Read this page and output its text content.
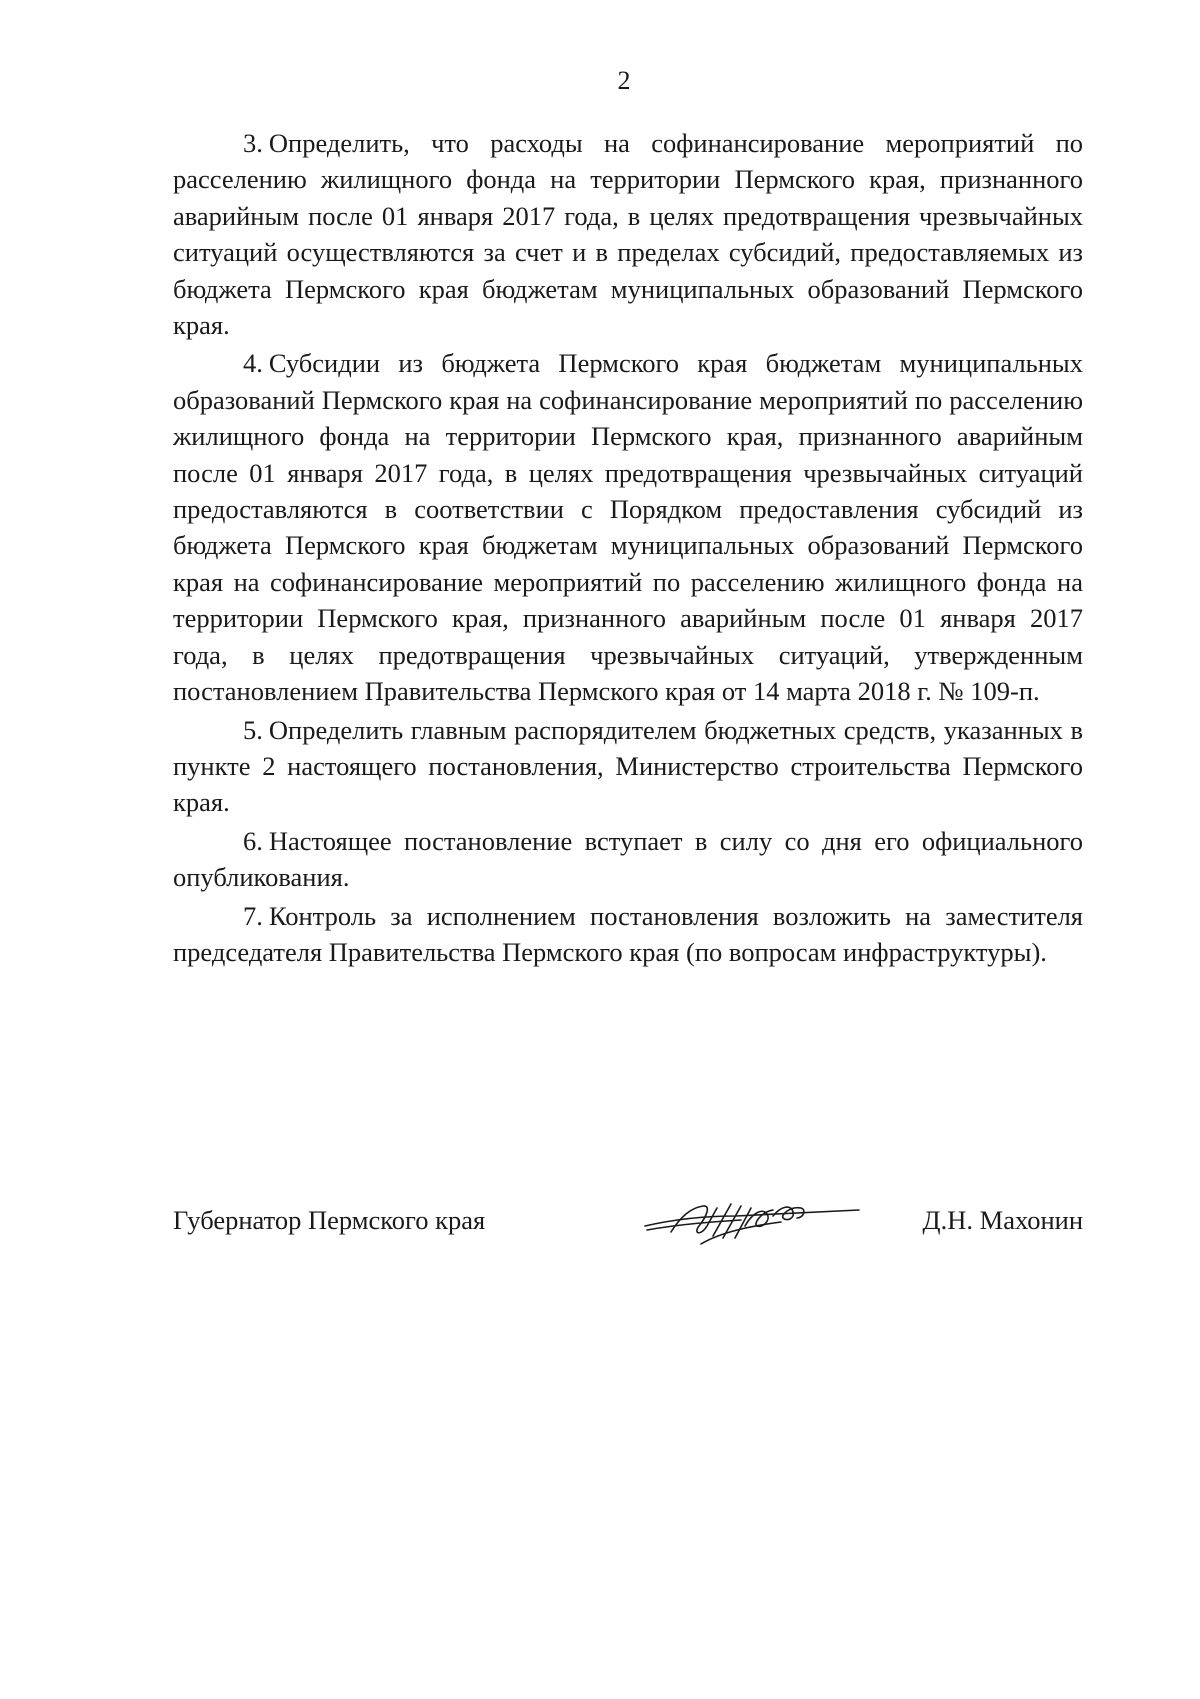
2

3. Определить, что расходы на софинансирование мероприятий по расселению жилищного фонда на территории Пермского края, признанного аварийным после 01 января 2017 года, в целях предотвращения чрезвычайных ситуаций осуществляются за счет и в пределах субсидий, предоставляемых из бюджета Пермского края бюджетам муниципальных образований Пермского края.

4. Субсидии из бюджета Пермского края бюджетам муниципальных образований Пермского края на софинансирование мероприятий по расселению жилищного фонда на территории Пермского края, признанного аварийным после 01 января 2017 года, в целях предотвращения чрезвычайных ситуаций предоставляются в соответствии с Порядком предоставления субсидий из бюджета Пермского края бюджетам муниципальных образований Пермского края на софинансирование мероприятий по расселению жилищного фонда на территории Пермского края, признанного аварийным после 01 января 2017 года, в целях предотвращения чрезвычайных ситуаций, утвержденным постановлением Правительства Пермского края от 14 марта 2018 г. № 109-п.

5. Определить главным распорядителем бюджетных средств, указанных в пункте 2 настоящего постановления, Министерство строительства Пермского края.

6. Настоящее постановление вступает в силу со дня его официального опубликования.

7. Контроль за исполнением постановления возложить на заместителя председателя Правительства Пермского края (по вопросам инфраструктуры).

Губернатор Пермского края	Д.Н. Махонин
